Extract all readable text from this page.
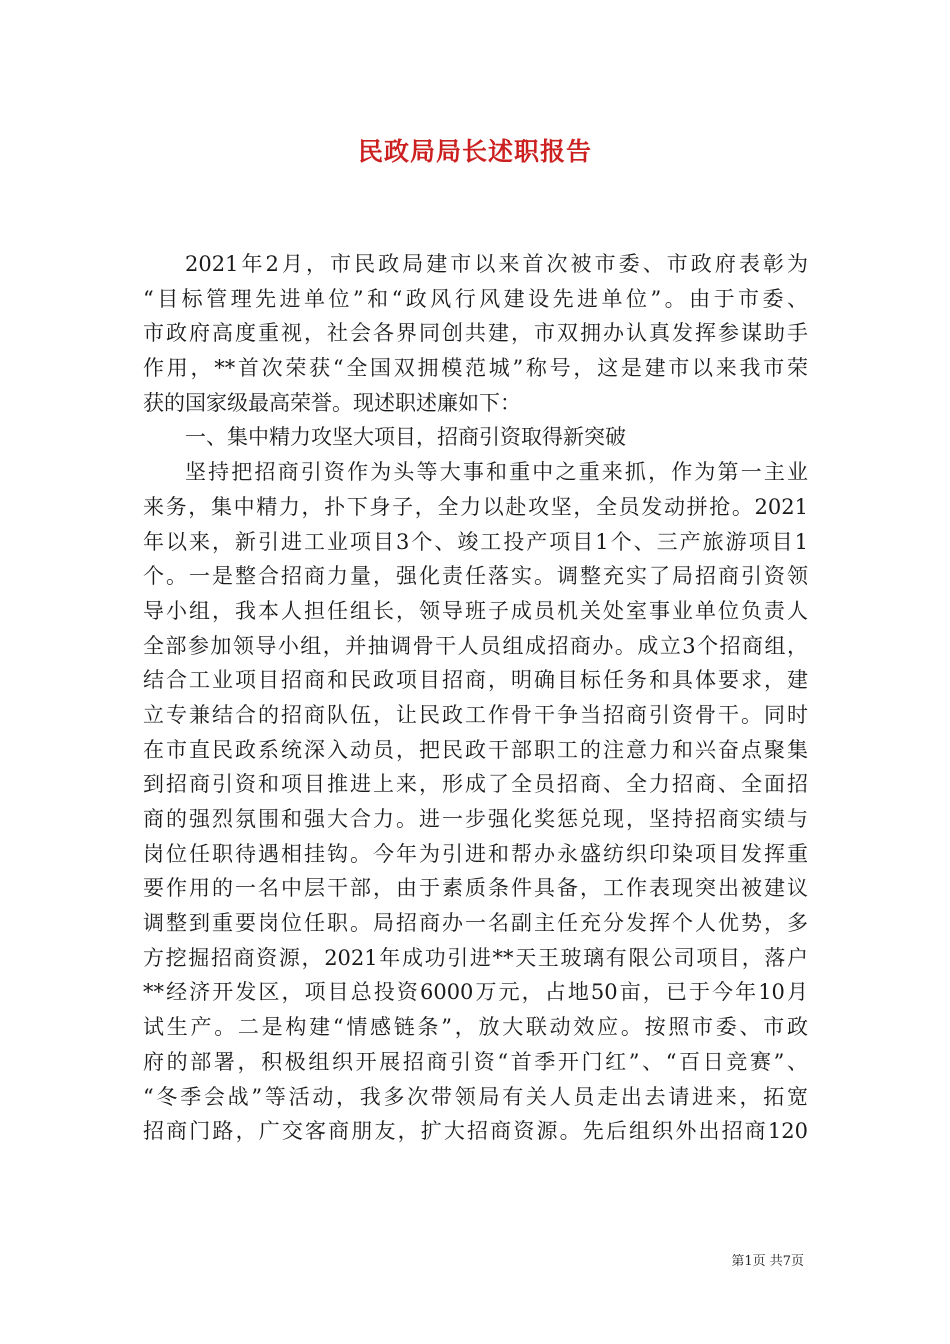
民政局局长述职报告
2021年2月，市民政局建市以来首次被市委、市政府表彰为
“目标管理先进单位”和“政风行风建设先进单位”。由于市委、
市政府高度重视，社会各界同创共建，市双拥办认真发挥参谋助手
作用，**首次荣获“全国双拥模范城”称号，这是建市以来我市荣
获的国家级最高荣誉。现述职述廉如下：
一、集中精力攻坚大项目，招商引资取得新突破
坚持把招商引资作为头等大事和重中之重来抓，作为第一主业
来务，集中精力，扑下身子，全力以赴攻坚，全员发动拼抢。2021
年以来，新引进工业项目3个、竣工投产项目1个、三产旅游项目1
个。一是整合招商力量，强化责任落实。调整充实了局招商引资领
导小组，我本人担任组长，领导班子成员机关处室事业单位负责人
全部参加领导小组，并抽调骨干人员组成招商办。成立3个招商组，
结合工业项目招商和民政项目招商，明确目标任务和具体要求，建
立专兼结合的招商队伍，让民政工作骨干争当招商引资骨干。同时
在市直民政系统深入动员，把民政干部职工的注意力和兴奋点聚集
到招商引资和项目推进上来，形成了全员招商、全力招商、全面招
商的强烈氛围和强大合力。进一步强化奖惩兑现，坚持招商实绩与
岗位任职待遇相挂钩。今年为引进和帮办永盛纺织印染项目发挥重
要作用的一名中层干部，由于素质条件具备，工作表现突出被建议
调整到重要岗位任职。局招商办一名副主任充分发挥个人优势，多
方挖掘招商资源，2021年成功引进**天王玻璃有限公司项目，落户
**经济开发区，项目总投资6000万元，占地50亩，已于今年10月
试生产。二是构建“情感链条”，放大联动效应。按照市委、市政
府的部署，积极组织开展招商引资“首季开门红”、“百日竞赛”、
“冬季会战”等活动，我多次带领局有关人员走出去请进来，拓宽
招商门路，广交客商朋友，扩大招商资源。先后组织外出招商120
第1页 共7页
